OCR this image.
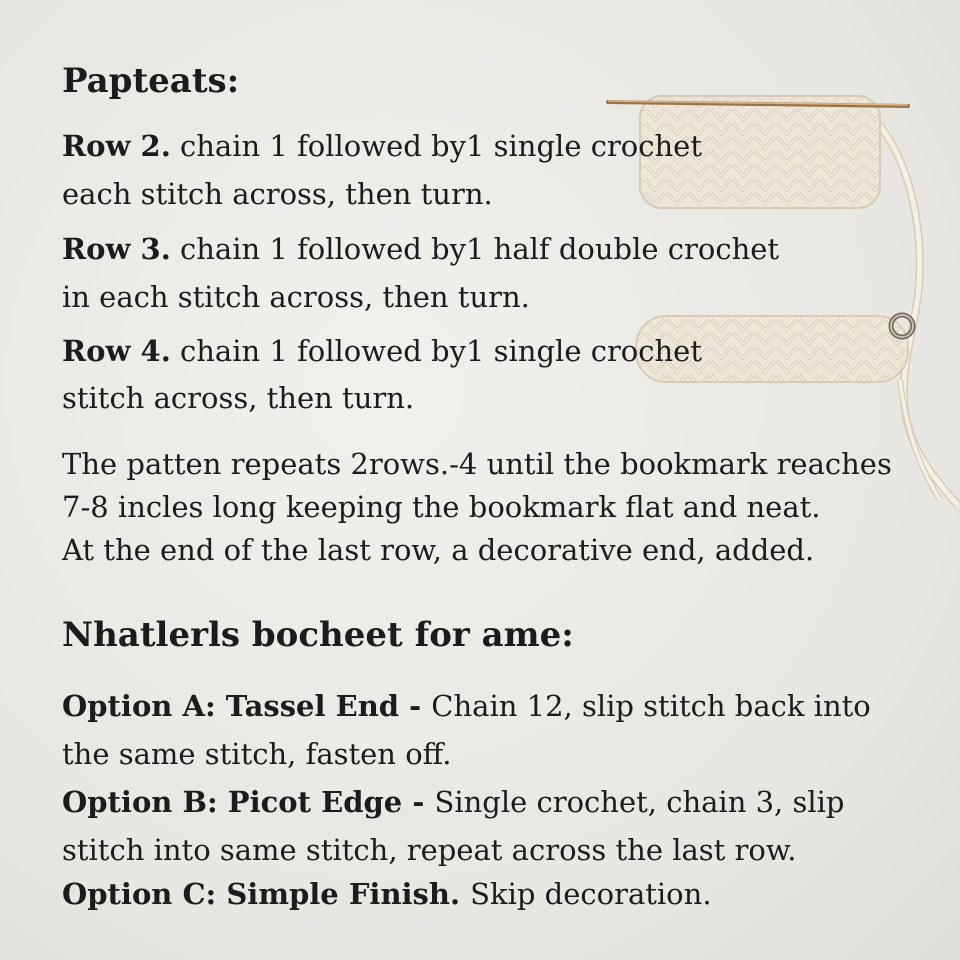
Papteats:
Row 2. chain 1 followed by1 single crochet
each stitch across, then turn.
Row 3. chain 1 followed by1 half double crochet
in each stitch across, then turn.
Row 4. chain 1 followed by1 single crochet
stitch across, then turn.
The patten repeats 2rows.-4 until the bookmark reaches
7-8 incles long keeping the bookmark flat and neat.
At the end of the last row, a decorative end, added.
Nhatlerls bocheet for ame:
Option A: Tassel End - Chain 12, slip stitch back into
the same stitch, fasten off.
Option B: Picot Edge - Single crochet, chain 3, slip
stitch into same stitch, repeat across the last row.
Option C: Simple Finish. Skip decoration.
